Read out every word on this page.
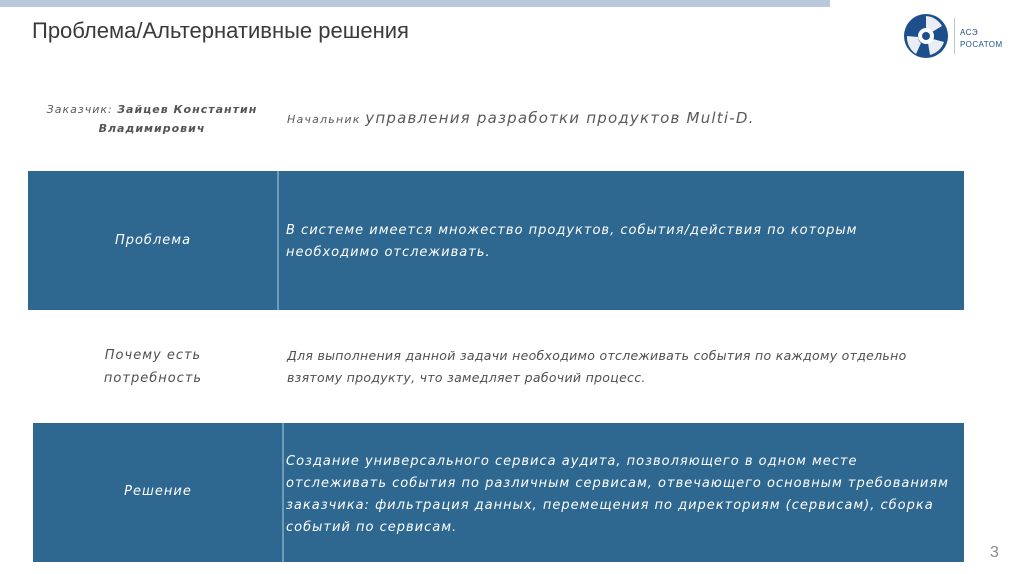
Проблема/Альтернативные решения	АСЭ
РОСАТОМ
Заказчик: Зайцев Константин
Владимирович
Начальник управления разработки продуктов Multi-D.
Проблема
В системе имеется множество продуктов, события/действия по которым необходимо отслеживать.
Почему есть
потребность
Для выполнения данной задачи необходимо отслеживать события по каждому отдельно взятому продукту, что замедляет рабочий процесс.
Решение
Создание универсального сервиса аудита, позволяющего в одном месте отслеживать события по различным сервисам, отвечающего основным требованиям заказчика: фильтрация данных, перемещения по директориям (сервисам), сборка событий по сервисам.
3
